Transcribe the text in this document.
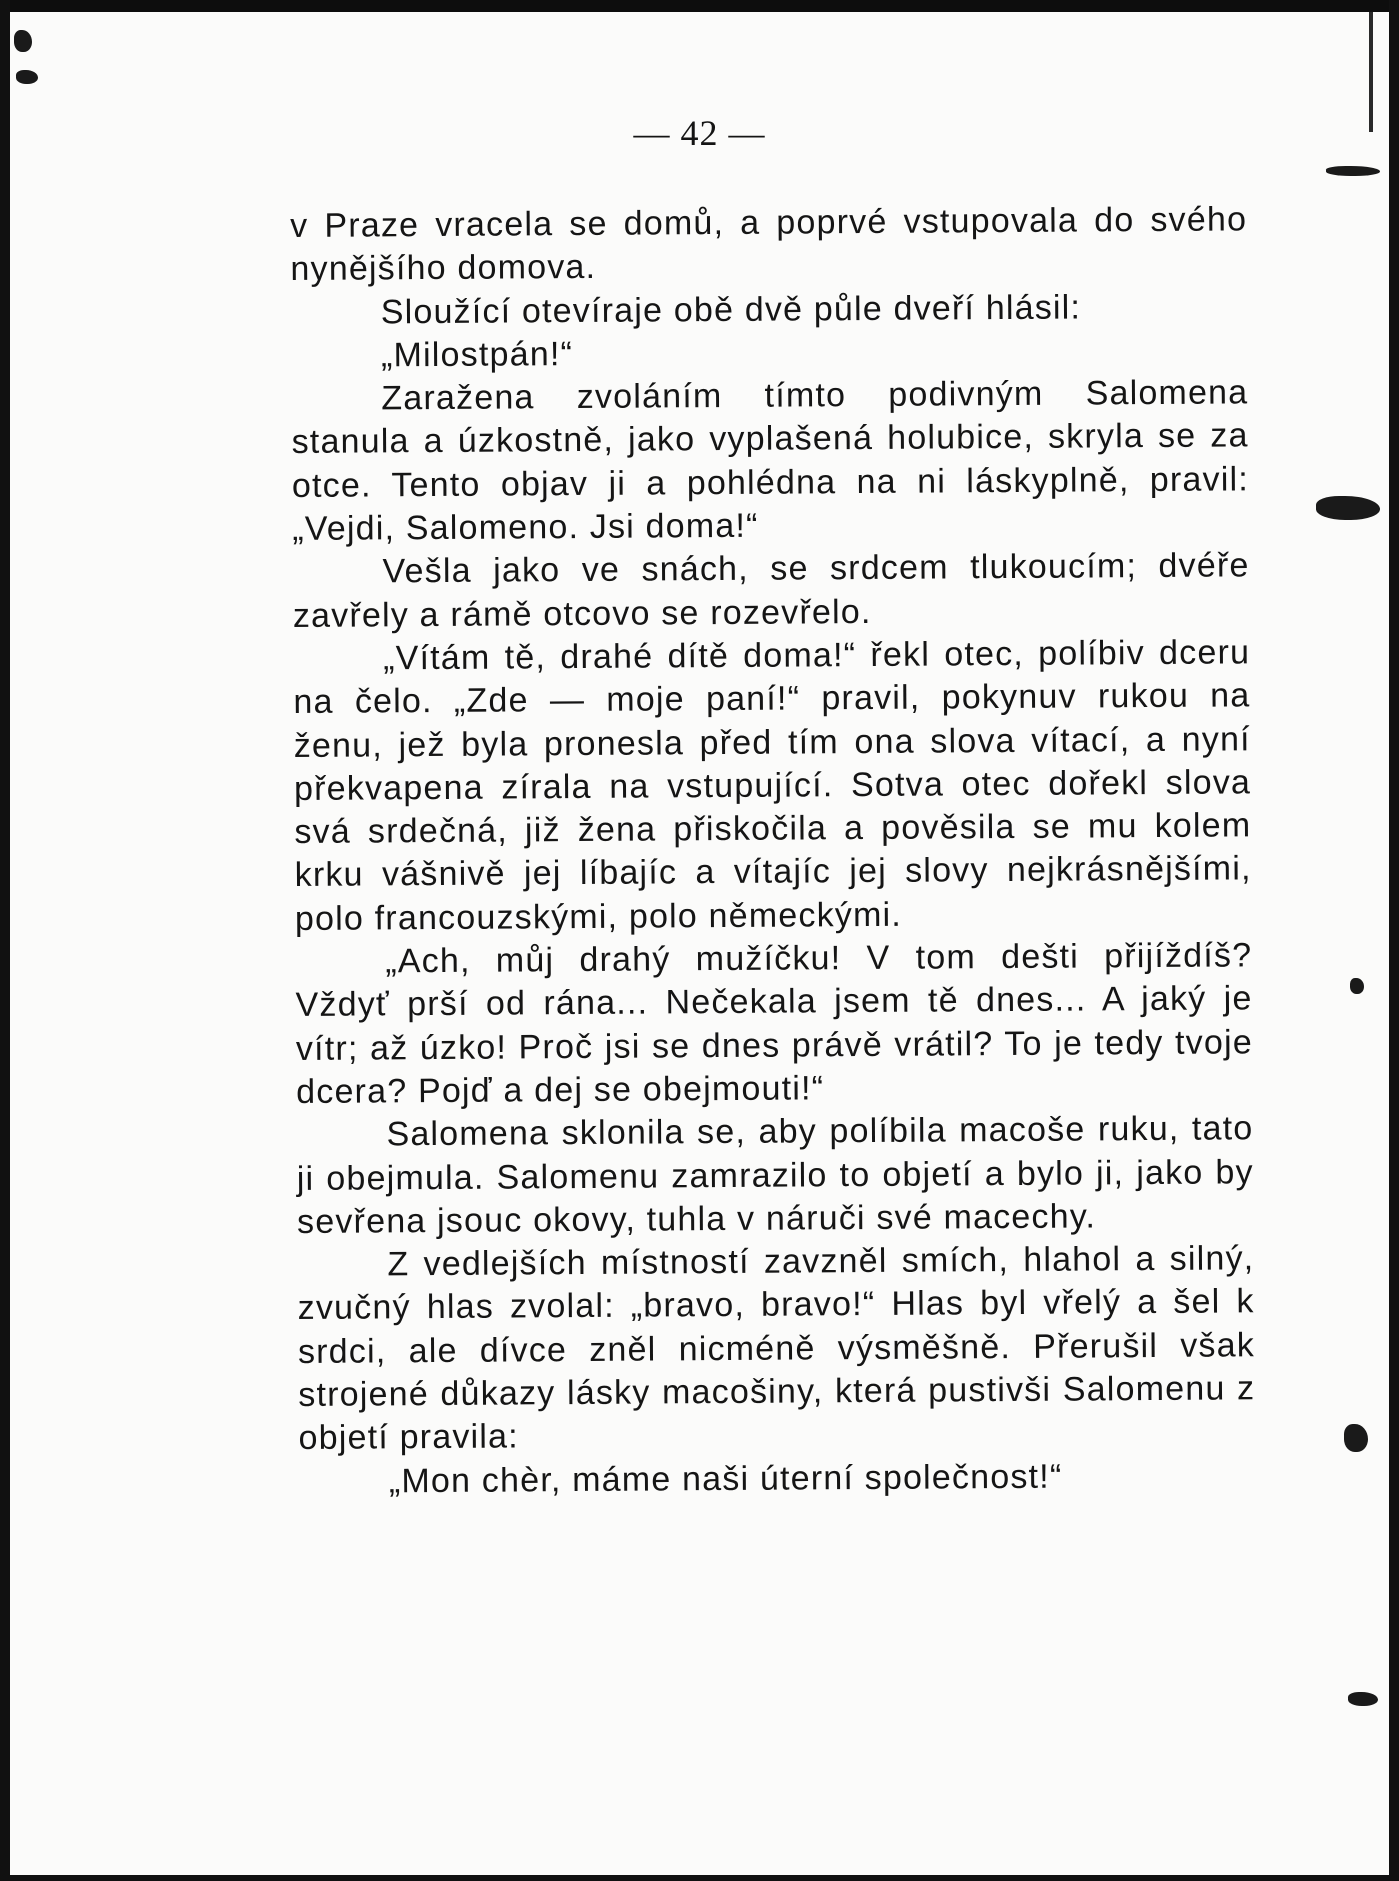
— 42 —

v Praze vracela se domů, a poprvé vstupovala do svého nynějšího domova.

Sloužící otevíraje obě dvě půle dveří hlásil:

„Milostpán!“

Zaražena zvoláním tímto podivným Salomena stanula a úzkostně, jako vyplašená holubice, skryla se za otce. Tento objav ji a pohlédna na ni láskyplně, pravil: „Vejdi, Salomeno. Jsi doma!“

Vešla jako ve snách, se srdcem tlukoucím; dvéře zavřely a rámě otcovo se rozevřelo.

„Vítám tě, drahé dítě doma!“ řekl otec, políbiv dceru na čelo. „Zde — moje paní!“ pravil, pokynuv rukou na ženu, jež byla pronesla před tím ona slova vítací, a nyní překvapena zírala na vstupující. Sotva otec dořekl slova svá srdečná, již žena přiskočila a pověsila se mu kolem krku vášnivě jej líbajíc a vítajíc jej slovy nejkrásnějšími, polo francouzskými, polo německými.

„Ach, můj drahý mužíčku! V tom dešti přijíždíš? Vždyť prší od rána... Nečekala jsem tě dnes... A jaký je vítr; až úzko! Proč jsi se dnes právě vrátil? To je tedy tvoje dcera? Pojď a dej se obejmouti!“

Salomena sklonila se, aby políbila macoše ruku, tato ji obejmula. Salomenu zamrazilo to objetí a bylo ji, jako by sevřena jsouc okovy, tuhla v náruči své macechy.

Z vedlejších místností zavzněl smích, hlahol a silný, zvučný hlas zvolal: „bravo, bravo!“ Hlas byl vřelý a šel k srdci, ale dívce zněl nicméně výsměšně. Přerušil však strojené důkazy lásky macošiny, která pustivši Salomenu z objetí pravila:

„Mon chèr, máme naši úterní společnost!“
